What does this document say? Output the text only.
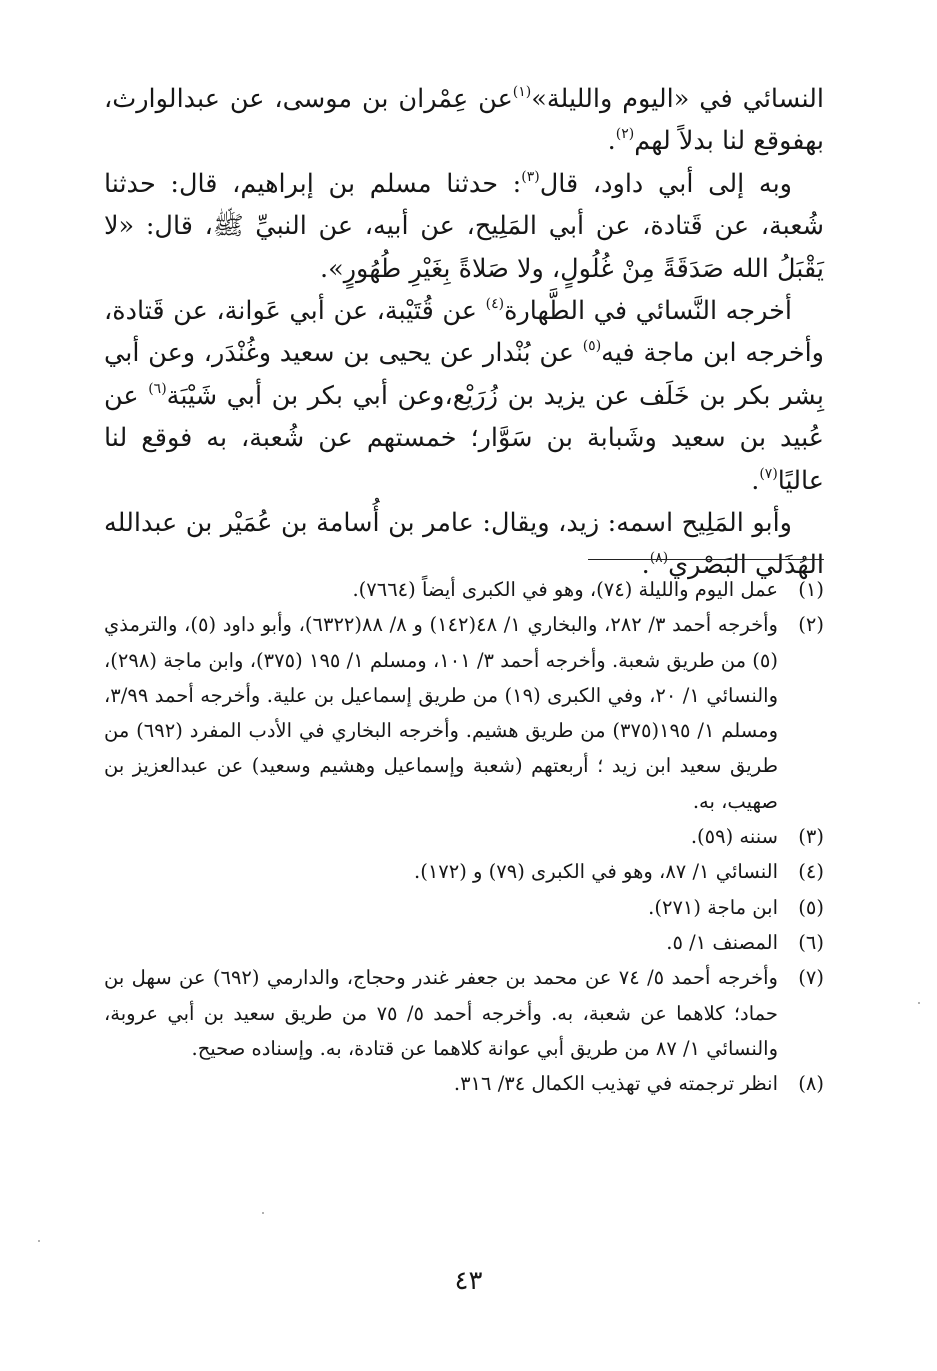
النسائي في «اليوم والليلة»$^{(١)}$عن عِمْران بن موسى، عن عبدالوارث، بهفوقع لنا بدلاً لهم$^{(٢)}$.

وبه إلى أبي داود، قال$^{(٣)}$: حدثنا مسلم بن إبراهيم، قال: حدثنا شُعبة، عن قَتادة، عن أبي المَلِيح، عن أبيه، عن النبيِّ ﷺ، قال: «لا يَقْبَلُ الله صَدَقَةً مِنْ غُلُولٍ، ولا صَلاةً بِغَيْرِ طُهُورٍ».

أخرجه النَّسائي في الطَّهارة$^{(٤)}$ عن قُتَيْبة، عن أبي عَوانة، عن قَتادة، وأخرجه ابن ماجة فيه$^{(٥)}$ عن بُنْدار عن يحيى بن سعيد وغُنْدَر، وعن أبي بِشر بكر بن خَلَف عن يزيد بن زُرَيْع،وعن أبي بكر بن أبي شَيْبَة$^{(٦)}$ عن عُبيد بن سعيد وشَبابة بن سَوَّار؛ خمستهم عن شُعبة، به فوقع لنا عاليًا$^{(٧)}$.

وأبو المَلِيح اسمه: زيد، ويقال: عامر بن أُسامة بن عُمَيْر بن عبدالله الهُذَلي البَصْري$^{(٨)}$.

(١)
عمل اليوم والليلة (٧٤)، وهو في الكبرى أيضاً (٧٦٦٤).
(٢)
وأخرجه أحمد ٣/ ٢٨٢، والبخاري ١/ ٤٨(١٤٢) و ٨/ ٨٨(٦٣٢٢)، وأبو داود (٥)، والترمذي (٥) من طريق شعبة. وأخرجه أحمد ٣/ ١٠١، ومسلم ١/ ١٩٥ (٣٧٥)، وابن ماجة (٢٩٨)، والنسائي ١/ ٢٠، وفي الكبرى (١٩) من طريق إسماعيل بن علية. وأخرجه أحمد ٣/٩٩، ومسلم ١/ ١٩٥(٣٧٥) من طريق هشيم. وأخرجه البخاري في الأدب المفرد (٦٩٢) من طريق سعيد ابن زيد ؛ أربعتهم (شعبة وإسماعيل وهشيم وسعيد) عن عبدالعزيز بن صهيب، به.
(٣)
سننه (٥٩).
(٤)
النسائي ١/ ٨٧، وهو في الكبرى (٧٩) و (١٧٢).
(٥)
ابن ماجة (٢٧١).
(٦)
المصنف ١/ ٥.
(٧)
وأخرجه أحمد ٥/ ٧٤ عن محمد بن جعفر غندر وحجاج، والدارمي (٦٩٢) عن سهل بن حماد؛ كلاهما عن شعبة، به. وأخرجه أحمد ٥/ ٧٥ من طريق سعيد بن أبي عروبة، والنسائي ١/ ٨٧ من طريق أبي عوانة كلاهما عن قتادة، به. وإسناده صحيح.
(٨)
انظر ترجمته في تهذيب الكمال ٣٤/ ٣١٦.
٤٣
